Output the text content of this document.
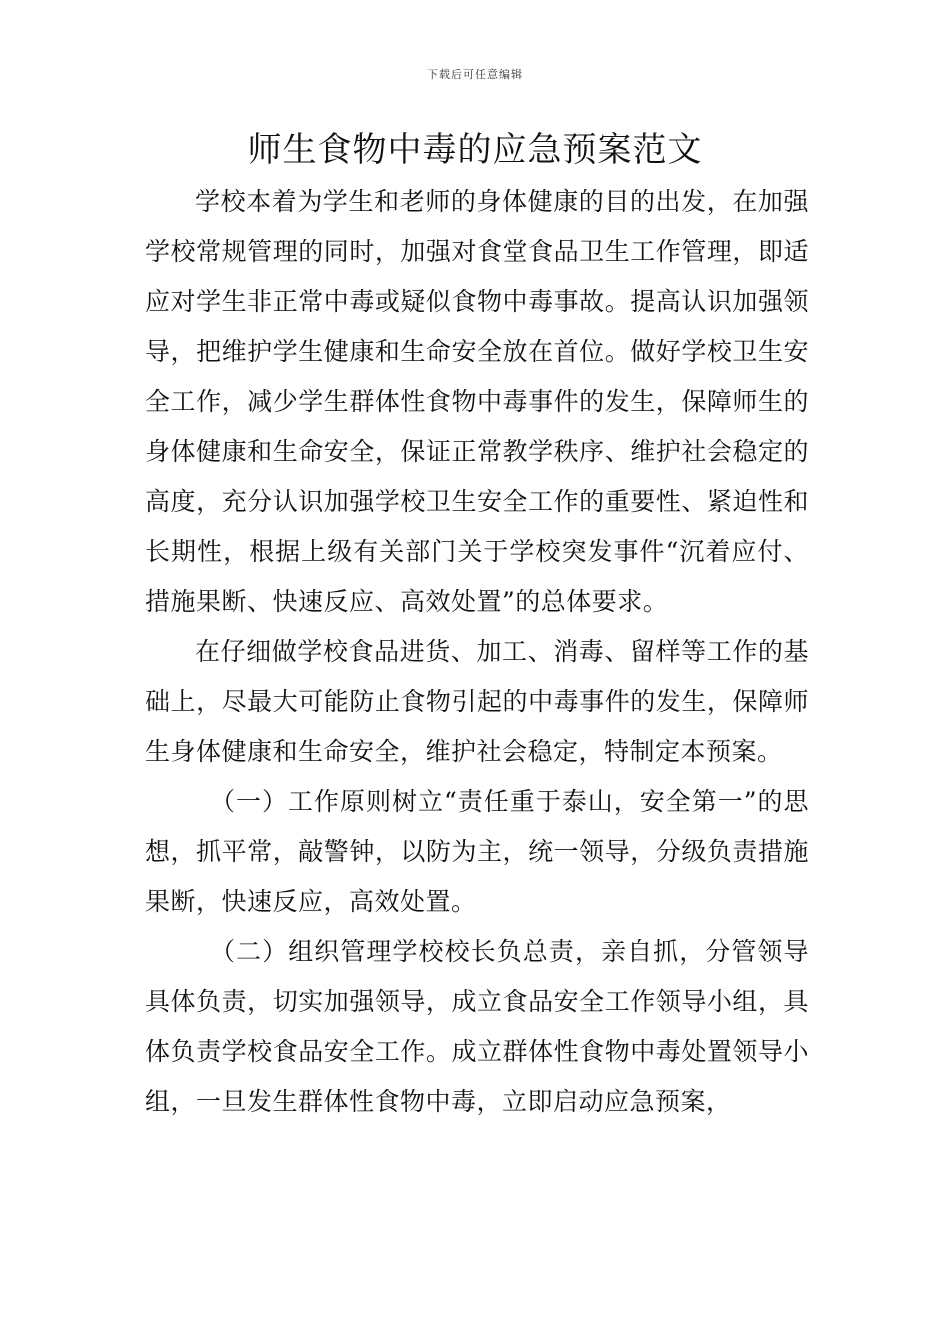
下载后可任意编辑
师生食物中毒的应急预案范文

学校本着为学生和老师的身体健康的目的出发，在加强学校常规管理的同时，加强对食堂食品卫生工作管理，即适应对学生非正常中毒或疑似食物中毒事故。提高认识加强领导，把维护学生健康和生命安全放在首位。做好学校卫生安全工作，减少学生群体性食物中毒事件的发生，保障师生的身体健康和生命安全，保证正常教学秩序、维护社会稳定的高度，充分认识加强学校卫生安全工作的重要性、紧迫性和长期性，根据上级有关部门关于学校突发事件“沉着应付、措施果断、快速反应、高效处置”的总体要求。

在仔细做学校食品进货、加工、消毒、留样等工作的基础上，尽最大可能防止食物引起的中毒事件的发生，保障师生身体健康和生命安全，维护社会稳定，特制定本预案。

（一）工作原则树立“责任重于泰山，安全第一”的思想，抓平常，敲警钟，以防为主，统一领导，分级负责措施果断，快速反应，高效处置。

（二）组织管理学校校长负总责，亲自抓，分管领导具体负责，切实加强领导，成立食品安全工作领导小组，具体负责学校食品安全工作。成立群体性食物中毒处置领导小组，一旦发生群体性食物中毒，立即启动应急预案，
